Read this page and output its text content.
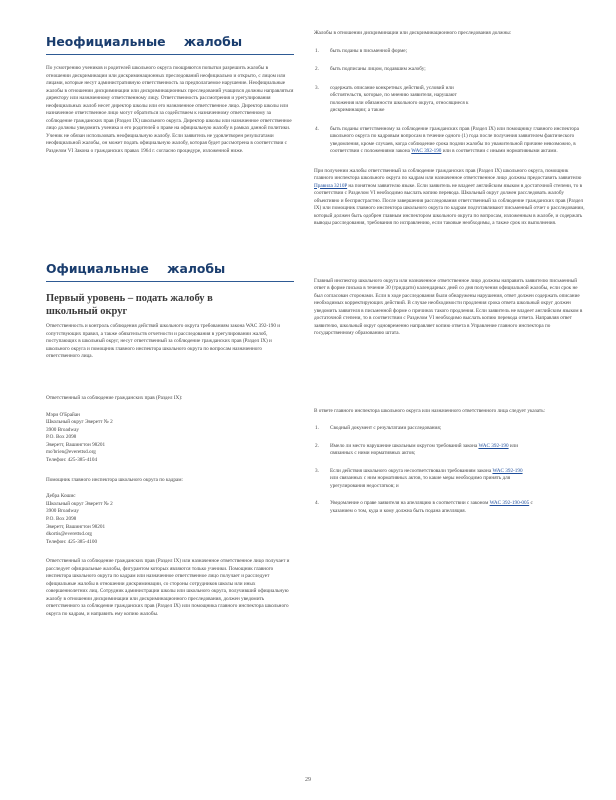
Неофициальные жалобы

По усмотрению учеников и родителей школьного округа поощряются попытки разрешить жалобы в отношении дискриминации или дискриминационных преследований неофициально и открыто, с лицом или лицами, которые несут административную ответственность за предполагаемое нарушение. Неофициальные жалобы в отношении дискриминации или дискриминационных преследований учащихся должны направляться директору или назначенному ответственному лицу. Ответственность рассмотрения и урегулирования неофициальных жалоб несет директор школы или его назначенное ответственное лицо. Директор школы или назначенное ответственное лицо могут обратиться за содействием к назначенному ответственному за соблюдение гражданских прав (Раздел IX) школьного округа. Директор школы или назначенное ответственное лицо должны уведомить ученика и его родителей о праве на официальную жалобу в рамках данной политики. Ученик не обязан использовать неофициальную жалобу. Если заявитель не удовлетворен результатами неофициальной жалобы, он может подать официальную жалобу, которая будет рассмотрена в соответствии с Разделом VI Закона о гражданских правах 1964 г. согласно процедуре, изложенной ниже.

Официальные жалобы
Первый уровень – подать жалобу в школьный округ

Ответственность и контроль соблюдения действий школьного округа требованиям закона WAC 392-190 и сопутствующих правил, а также обязательств отчетности и расследования в урегулировании жалоб, поступающих в школьный округ, несут ответственный за соблюдение гражданских прав (Раздел IX) и школьного округа и помощник главного инспектора школьного округа по вопросам назначенного ответственного лица.

Ответственный за соблюдение гражданских прав (Раздел IX):

Мэри О'Брайан
Школьный округ Эверетт № 2
3900 Broadway
P.O. Box 2098
Эверетт, Вашингтон 98201
mo'brien@everettsd.org
Телефон: 425-385-4104

Помощник главного инспектора школьного округа по кадрам:

Дебра Кошис
Школьный округ Эверетт № 2
3900 Broadway
P.O. Box 2098
Эверетт, Вашингтон 98201
dkortis@everettsd.org
Телефон: 425-385-4100

Ответственный за соблюдение гражданских прав (Раздел IX) или назначенное ответственное лицо получает и расследует официальные жалобы, фигурантом которых являются только ученики. Помощник главного инспектора школьного округа по кадрам или назначенное ответственное лицо получает и расследует официальные жалобы в отношении дискриминации, со стороны сотрудников школы или иных совершеннолетних лиц. Сотрудник администрации школы или школьного округа, получивший официальную жалобу в отношении дискриминации или дискриминационного преследования, должен уведомить ответственного за соблюдение гражданских прав (Раздел IX) или помощника главного инспектора школьного округа по кадрам, и направить ему копию жалобы.

Жалобы в отношении дискриминации или дискриминационного преследования должны:

1. быть поданы в письменной форме;

2. быть подписаны лицом, подавшим жалобу;

3. содержать описание конкретных действий, условий или обстоятельств, которые, по мнению заявителя, нарушают положения или обязанности школьного округа, относящиеся к дискриминации; а также

4. быть поданы ответственному за соблюдение гражданских прав (Раздел IX) или помощнику главного инспектора школьного округа по кадровым вопросам в течение одного (1) года после получения заявителем фактического уведомления, кроме случаев, когда соблюдение срока подачи жалобы по уважительной причине невозможно, в соответствии с положениями закона WAC 392-190 или в соответствии с иными нормативными актами.

При получении жалобы ответственный за соблюдение гражданских прав (Раздел IX) школьного округа, помощник главного инспектора школьного округа по кадрам или назначенное ответственное лицо должны предоставить заявителю Правила 3210P на понятном заявителю языке. Если заявитель не владеет английским языком в достаточной степени, то в соответствии с Разделом VI необходимо выслать копию перевода. Школьный округ должен расследовать жалобу объективно и беспристрастно. После завершения расследования ответственный за соблюдение гражданских прав (Раздел IX) или помощник главного инспектора школьного округа по кадрам подготавливают письменный отчет о расследовании, который должен быть одобрен главным инспектором школьного округа по вопросам, изложенным в жалобе, и содержать выводы расследования, требования по исправлению, если таковые необходимы, а также срок их выполнения.

Главный инспектор школьного округа или назначенное ответственное лицо должны направить заявителю письменный ответ в форме письма в течение 30 (тридцати) календарных дней со дня получения официальной жалобы, если срок не был согласован сторонами. Если в ходе расследования были обнаружены нарушения, ответ должен содержать описание необходимых корректирующих действий. В случае необходимости продления срока ответа школьный округ должен уведомить заявителя в письменной форме о причинах такого продления. Если заявитель не владеет английским языком в достаточной степени, то в соответствии с Разделом VI необходимо выслать копию перевода ответа. Направляя ответ заявителю, школьный округ одновременно направляет копию ответа в Управление главного инспектора по государственному образованию штата.

В ответе главного инспектора школьного округа или назначенного ответственного лица следует указать:

1. Сводный документ с результатами расследования;

2. Имело ли место нарушение школьным округом требований закона WAC 392-190 или связанных с ними нормативных актов;

3. Если действия школьного округа несоответствовали требованиям закона WAC 392-190 или связанных с ним нормативных актов, то какие меры необходимо принять для урегулирования недостатков; и

4. Уведомление о праве заявителя на апелляцию в соответствии с законом WAC 392-190-005 с указанием о том, куда и кому должна быть подана апелляция.

29
